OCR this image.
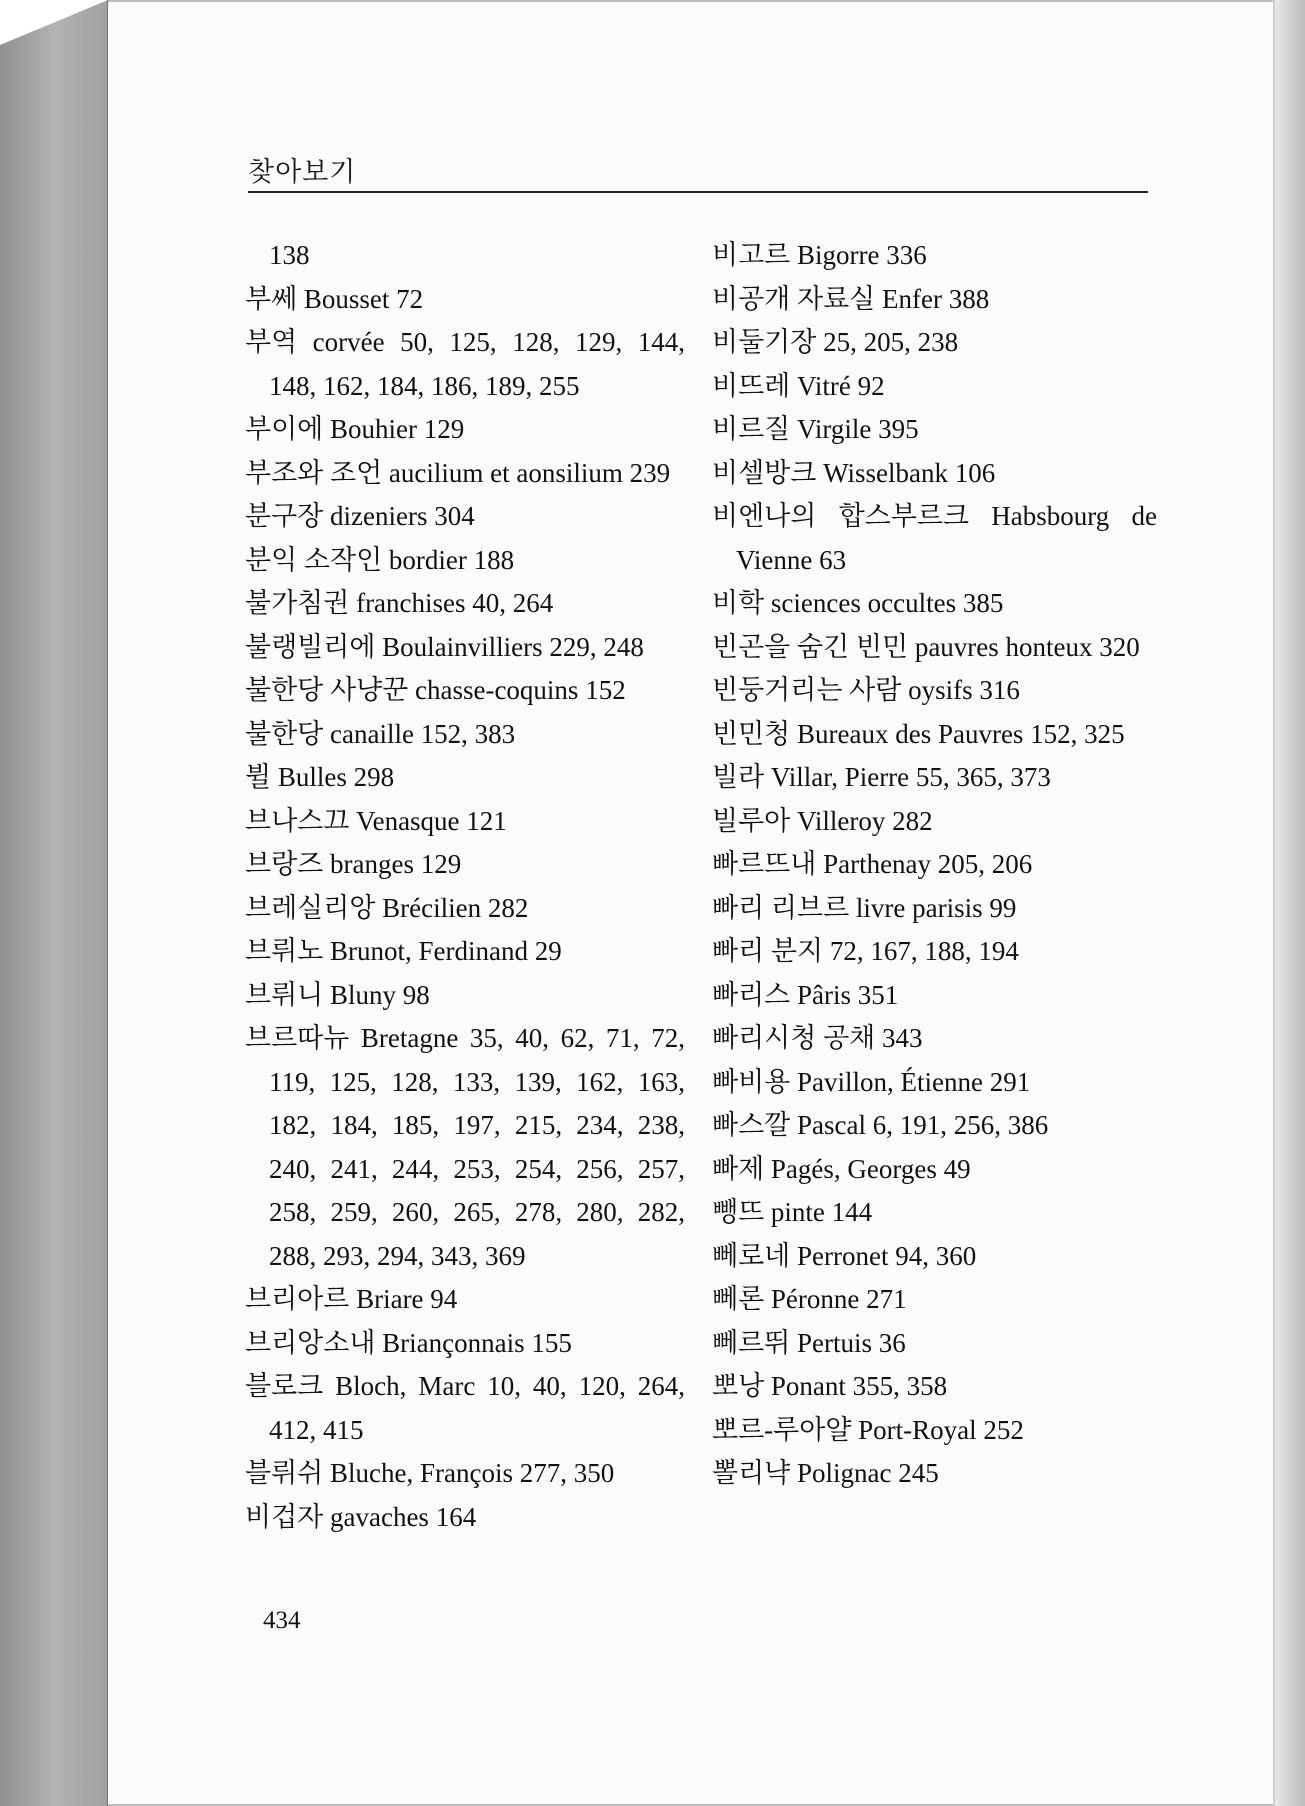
찾아보기

138

부쎄 Bousset 72

부역 corvée 50, 125, 128, 129, 144, 148, 162, 184, 186, 189, 255

부이에 Bouhier 129

부조와 조언 aucilium et aonsilium 239

분구장 dizeniers 304

분익 소작인 bordier 188

불가침권 franchises 40, 264

불랭빌리에 Boulainvilliers 229, 248

불한당 사냥꾼 chasse-coquins 152

불한당 canaille 152, 383

뷜 Bulles 298

브나스끄 Venasque 121

브랑즈 branges 129

브레실리앙 Brécilien 282

브뤼노 Brunot, Ferdinand 29

브뤼니 Bluny 98

브르따뉴 Bretagne 35, 40, 62, 71, 72, 119, 125, 128, 133, 139, 162, 163, 182, 184, 185, 197, 215, 234, 238, 240, 241, 244, 253, 254, 256, 257, 258, 259, 260, 265, 278, 280, 282, 288, 293, 294, 343, 369

브리아르 Briare 94

브리앙소내 Briançonnais 155

블로크 Bloch, Marc 10, 40, 120, 264, 412, 415

블뤼쉬 Bluche, François 277, 350

비겁자 gavaches 164

비고르 Bigorre 336

비공개 자료실 Enfer 388

비둘기장 25, 205, 238

비뜨레 Vitré 92

비르질 Virgile 395

비셀방크 Wisselbank 106

비엔나의 합스부르크 Habsbourg de Vienne 63

비학 sciences occultes 385

빈곤을 숨긴 빈민 pauvres honteux 320

빈둥거리는 사람 oysifs 316

빈민청 Bureaux des Pauvres 152, 325

빌라 Villar, Pierre 55, 365, 373

빌루아 Villeroy 282

빠르뜨내 Parthenay 205, 206

빠리 리브르 livre parisis 99

빠리 분지 72, 167, 188, 194

빠리스 Pâris 351

빠리시청 공채 343

빠비용 Pavillon, Étienne 291

빠스깔 Pascal 6, 191, 256, 386

빠제 Pagés, Georges 49

뺑뜨 pinte 144

뻬로네 Perronet 94, 360

뻬론 Péronne 271

뻬르뛰 Pertuis 36

뽀낭 Ponant 355, 358

뽀르-루아얄 Port-Royal 252

뽈리냑 Polignac 245

434
